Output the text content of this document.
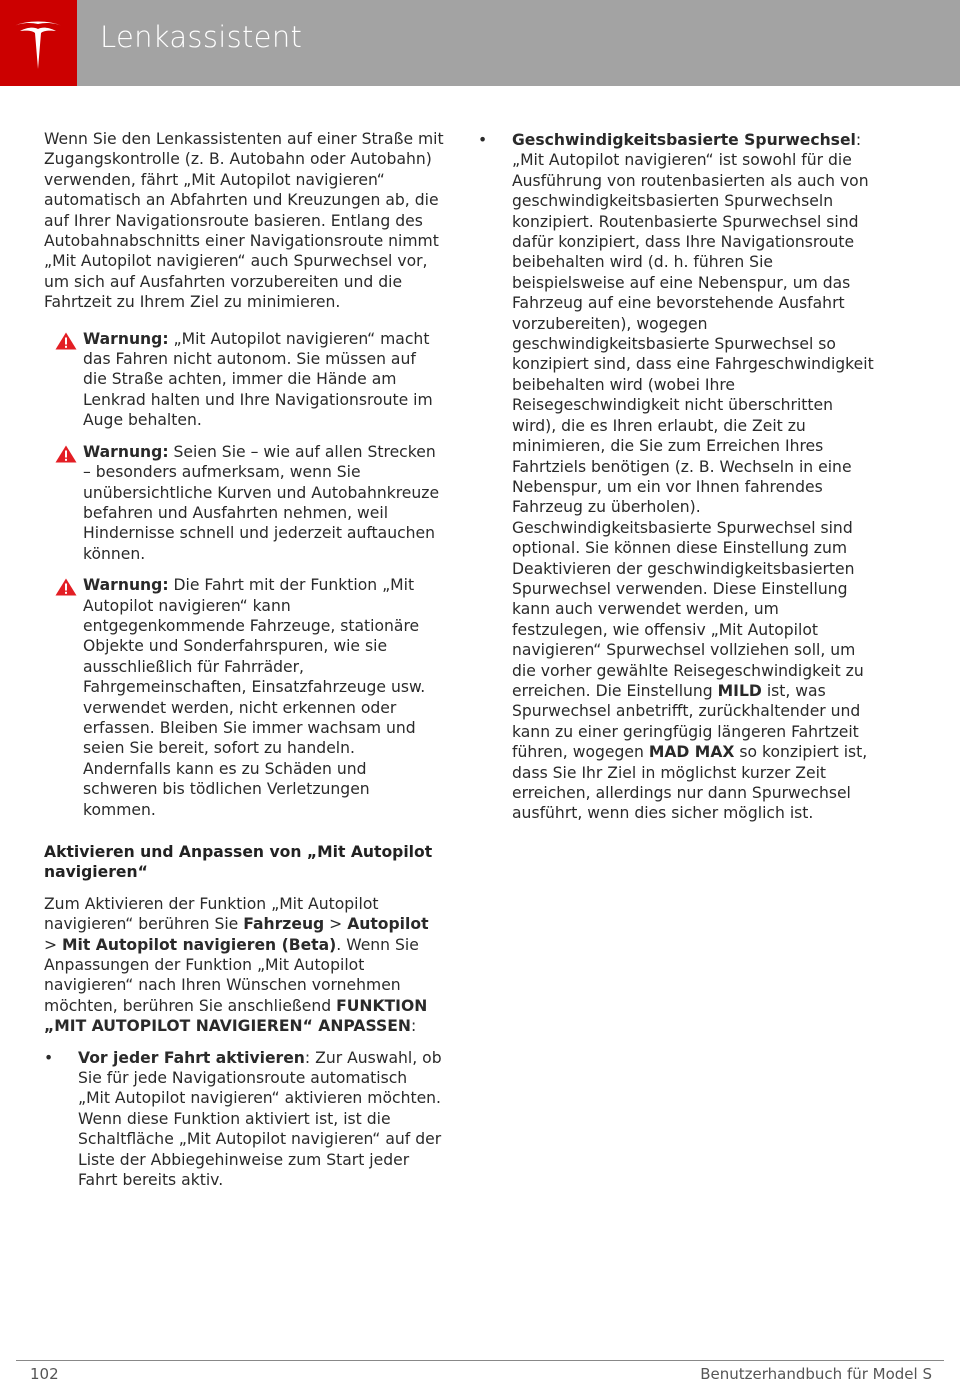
Lenkassistent

Wenn Sie den Lenkassistenten auf einer Straße mit Zugangskontrolle (z. B. Autobahn oder Autobahn) verwenden, fährt „Mit Autopilot navigieren“ automatisch an Abfahrten und Kreuzungen ab, die auf Ihrer Navigationsroute basieren. Entlang des Autobahnabschnitts einer Navigationsroute nimmt „Mit Autopilot navigieren“ auch Spurwechsel vor, um sich auf Ausfahrten vorzubereiten und die Fahrtzeit zu Ihrem Ziel zu minimieren.

Warnung: „Mit Autopilot navigieren“ macht das Fahren nicht autonom. Sie müssen auf die Straße achten, immer die Hände am Lenkrad halten und Ihre Navigationsroute im Auge behalten.
Warnung: Seien Sie – wie auf allen Strecken – besonders aufmerksam, wenn Sie unübersichtliche Kurven und Autobahnkreuze befahren und Ausfahrten nehmen, weil Hindernisse schnell und jederzeit auftauchen können.
Warnung: Die Fahrt mit der Funktion „Mit Autopilot navigieren“ kann entgegenkommende Fahrzeuge, stationäre Objekte und Sonderfahrspuren, wie sie ausschließlich für Fahrräder, Fahrgemeinschaften, Einsatzfahrzeuge usw. verwendet werden, nicht erkennen oder erfassen. Bleiben Sie immer wachsam und seien Sie bereit, sofort zu handeln. Andernfalls kann es zu Schäden und schweren bis tödlichen Verletzungen kommen.
Aktivieren und Anpassen von „Mit Autopilot navigieren“

Zum Aktivieren der Funktion „Mit Autopilot navigieren“ berühren Sie Fahrzeug > Autopilot > Mit Autopilot navigieren (Beta). Wenn Sie Anpassungen der Funktion „Mit Autopilot navigieren“ nach Ihren Wünschen vornehmen möchten, berühren Sie anschließend FUNKTION „MIT AUTOPILOT NAVIGIEREN“ ANPASSEN:

• Vor jeder Fahrt aktivieren: Zur Auswahl, ob Sie für jede Navigationsroute automatisch „Mit Autopilot navigieren“ aktivieren möchten. Wenn diese Funktion aktiviert ist, ist die Schaltfläche „Mit Autopilot navigieren“ auf der Liste der Abbiegehinweise zum Start jeder Fahrt bereits aktiv.
• Geschwindigkeitsbasierte Spurwechsel: „Mit Autopilot navigieren“ ist sowohl für die Ausführung von routenbasierten als auch von geschwindigkeitsbasierten Spurwechseln konzipiert. Routenbasierte Spurwechsel sind dafür konzipiert, dass Ihre Navigationsroute beibehalten wird (d. h. führen Sie beispielsweise auf eine Nebenspur, um das Fahrzeug auf eine bevorstehende Ausfahrt vorzubereiten), wogegen geschwindigkeitsbasierte Spurwechsel so konzipiert sind, dass eine Fahrgeschwindigkeit beibehalten wird (wobei Ihre Reisegeschwindigkeit nicht überschritten wird), die es Ihren erlaubt, die Zeit zu minimieren, die Sie zum Erreichen Ihres Fahrtziels benötigen (z. B. Wechseln in eine Nebenspur, um ein vor Ihnen fahrendes Fahrzeug zu überholen). Geschwindigkeitsbasierte Spurwechsel sind optional. Sie können diese Einstellung zum Deaktivieren der geschwindigkeitsbasierten Spurwechsel verwenden. Diese Einstellung kann auch verwendet werden, um festzulegen, wie offensiv „Mit Autopilot navigieren“ Spurwechsel vollziehen soll, um die vorher gewählte Reisegeschwindigkeit zu erreichen. Die Einstellung MILD ist, was Spurwechsel anbetrifft, zurückhaltender und kann zu einer geringfügig längeren Fahrtzeit führen, wogegen MAD MAX so konzipiert ist, dass Sie Ihr Ziel in möglichst kurzer Zeit erreichen, allerdings nur dann Spurwechsel ausführt, wenn dies sicher möglich ist.
102	Benutzerhandbuch für Model S
